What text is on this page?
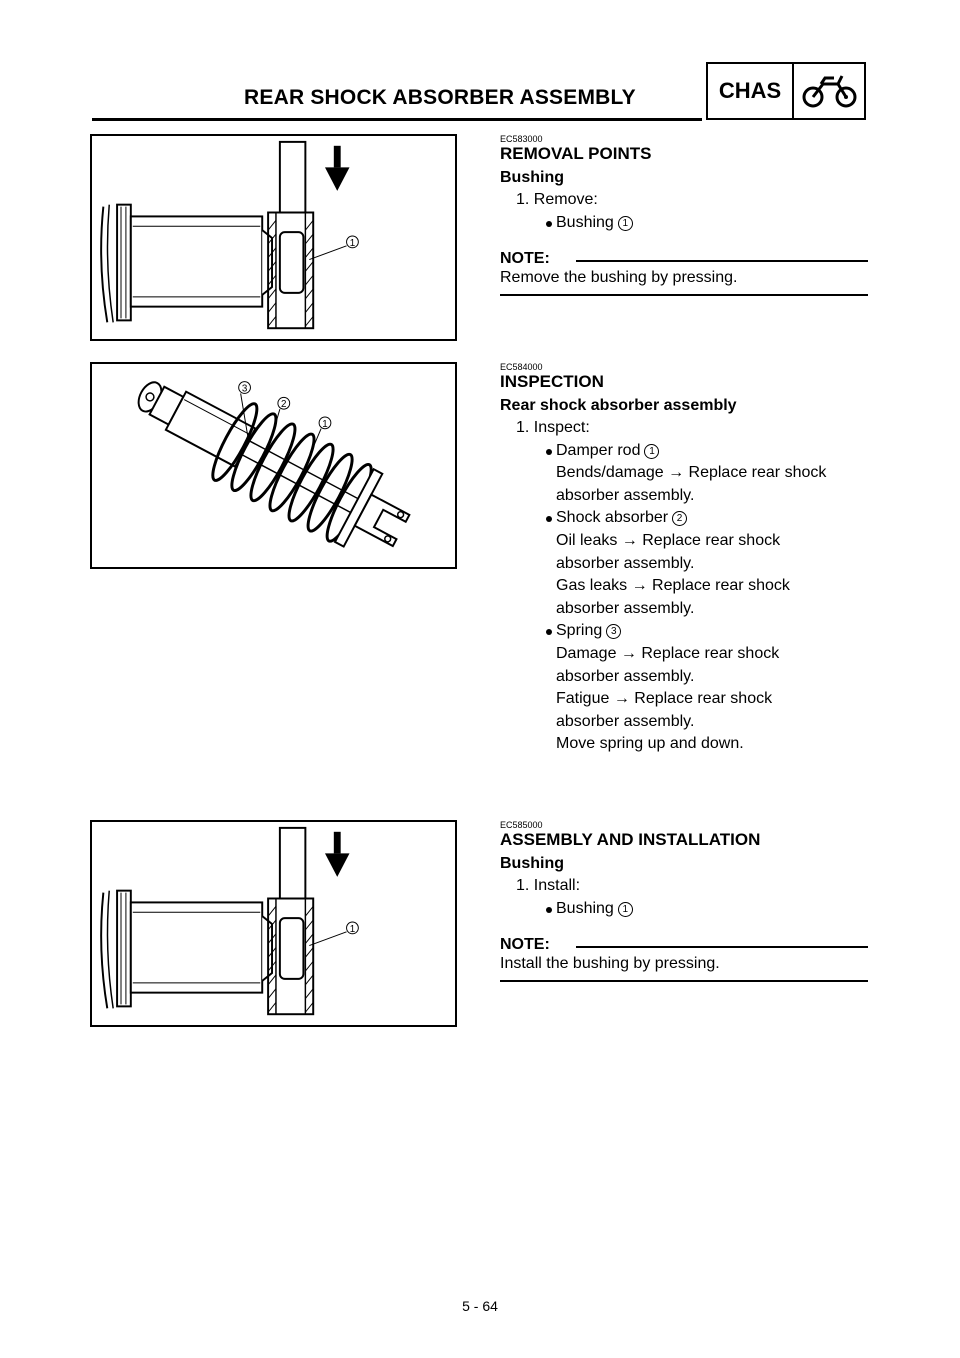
REAR SHOCK ABSORBER ASSEMBLY	CHAS
1
3
2
1
1
EC583000
REMOVAL POINTS
Bushing
1. Remove:
Bushing 1
NOTE:
Remove the bushing by pressing.
EC584000
INSPECTION
Rear shock absorber assembly
1. Inspect:
Damper rod 1
Bends/damage → Replace rear shock
absorber assembly.
Shock absorber 2
Oil leaks → Replace rear shock
absorber assembly.
Gas leaks → Replace rear shock
absorber assembly.
Spring 3
Damage → Replace rear shock
absorber assembly.
Fatigue → Replace rear shock
absorber assembly.
Move spring up and down.
EC585000
ASSEMBLY AND INSTALLATION
Bushing
1. Install:
Bushing 1
NOTE:
Install the bushing by pressing.
5 - 64
